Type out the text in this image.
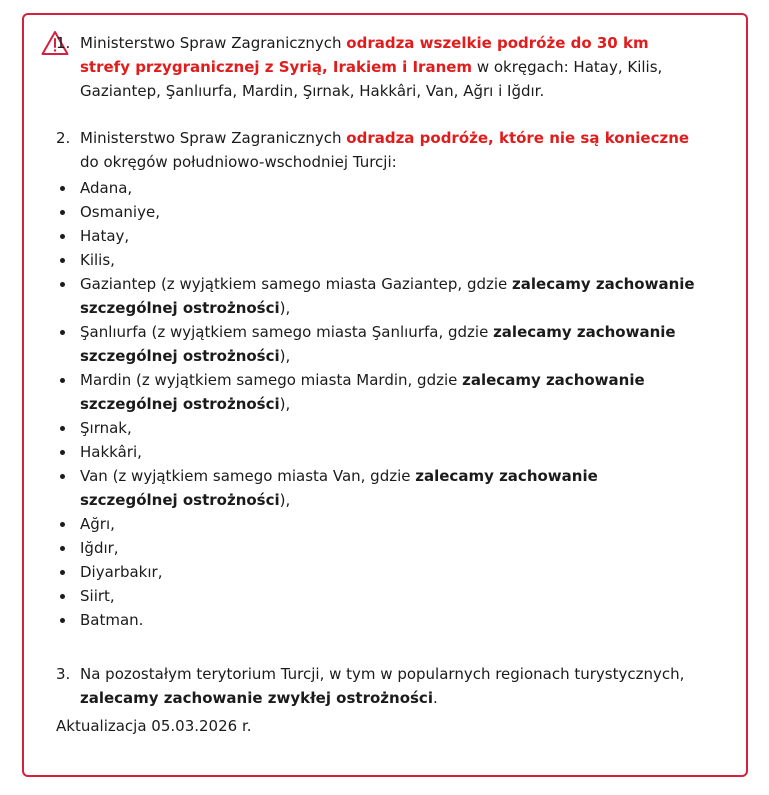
1. Ministerstwo Spraw Zagranicznych odradza wszelkie podróże do 30 km strefy przygranicznej z Syrią, Irakiem i Iranem w okręgach: Hatay, Kilis, Gaziantep, Şanlıurfa, Mardin, Şırnak, Hakkâri, Van, Ağrı i Iğdır.
2. Ministerstwo Spraw Zagranicznych odradza podróże, które nie są konieczne do okręgów południowo-wschodniej Turcji:
Adana,
Osmaniye,
Hatay,
Kilis,
Gaziantep (z wyjątkiem samego miasta Gaziantep, gdzie zalecamy zachowanie szczególnej ostrożności),
Şanlıurfa (z wyjątkiem samego miasta Şanlıurfa, gdzie zalecamy zachowanie szczególnej ostrożności),
Mardin (z wyjątkiem samego miasta Mardin, gdzie zalecamy zachowanie szczególnej ostrożności),
Şırnak,
Hakkâri,
Van (z wyjątkiem samego miasta Van, gdzie zalecamy zachowanie szczególnej ostrożności),
Ağrı,
Iğdır,
Diyarbakır,
Siirt,
Batman.
3. Na pozostałym terytorium Turcji, w tym w popularnych regionach turystycznych, zalecamy zachowanie zwykłej ostrożności.
Aktualizacja 05.03.2026 r.
